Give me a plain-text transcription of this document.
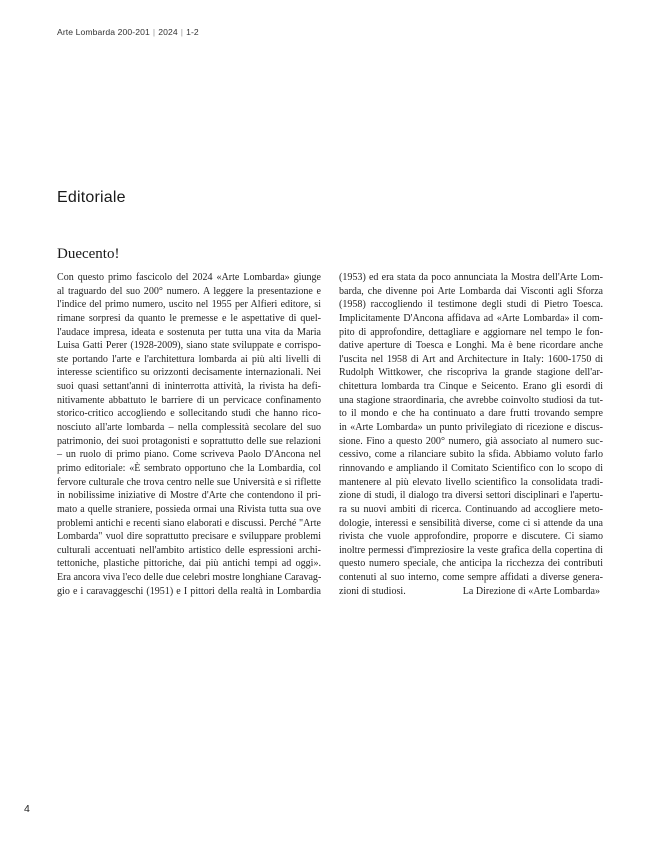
Arte Lombarda 200-201 | 2024 | 1-2
Editoriale
Duecento!
Con questo primo fascicolo del 2024 «Arte Lombarda» giunge
al traguardo del suo 200° numero. A leggere la presentazione e
l'indice del primo numero, uscito nel 1955 per Alfieri editore, si
rimane sorpresi da quanto le premesse e le aspettative di quel-
l'audace impresa, ideata e sostenuta per tutta una vita da Maria
Luisa Gatti Perer (1928-2009), siano state sviluppate e corrispo-
ste portando l'arte e l'architettura lombarda ai più alti livelli di
interesse scientifico su orizzonti decisamente internazionali. Nei
suoi quasi settant'anni di ininterrotta attività, la rivista ha defi-
nitivamente abbattuto le barriere di un pervicace confinamento
storico-critico accogliendo e sollecitando studi che hanno rico-
nosciuto all'arte lombarda – nella complessità secolare del suo
patrimonio, dei suoi protagonisti e soprattutto delle sue relazioni
– un ruolo di primo piano. Come scriveva Paolo D'Ancona nel
primo editoriale: «È sembrato opportuno che la Lombardia, col
fervore culturale che trova centro nelle sue Università e si riflette
in nobilissime iniziative di Mostre d'Arte che contendono il pri-
mato a quelle straniere, possieda ormai una Rivista tutta sua ove
problemi antichi e recenti siano elaborati e discussi. Perché "Arte
Lombarda" vuol dire soprattutto precisare e sviluppare problemi
culturali accentuati nell'ambito artistico delle espressioni archi-
tettoniche, plastiche pittoriche, dai più antichi tempi ad oggi».
Era ancora viva l'eco delle due celebri mostre longhiane Caravag-
gio e i caravaggeschi (1951) e I pittori della realtà in Lombardia
(1953) ed era stata da poco annunciata la Mostra dell'Arte Lom-
barda, che divenne poi Arte Lombarda dai Visconti agli Sforza
(1958) raccogliendo il testimone degli studi di Pietro Toesca.
Implicitamente D'Ancona affidava ad «Arte Lombarda» il com-
pito di approfondire, dettagliare e aggiornare nel tempo le fon-
dative aperture di Toesca e Longhi. Ma è bene ricordare anche
l'uscita nel 1958 di Art and Architecture in Italy: 1600-1750 di
Rudolph Wittkower, che riscopriva la grande stagione dell'ar-
chitettura lombarda tra Cinque e Seicento. Erano gli esordi di
una stagione straordinaria, che avrebbe coinvolto studiosi da tut-
to il mondo e che ha continuato a dare frutti trovando sempre
in «Arte Lombarda» un punto privilegiato di ricezione e discus-
sione. Fino a questo 200° numero, già associato al numero suc-
cessivo, come a rilanciare subito la sfida. Abbiamo voluto farlo
rinnovando e ampliando il Comitato Scientifico con lo scopo di
mantenere al più elevato livello scientifico la consolidata tradi-
zione di studi, il dialogo tra diversi settori disciplinari e l'apertu-
ra su nuovi ambiti di ricerca. Continuando ad accogliere meto-
dologie, interessi e sensibilità diverse, come ci si attende da una
rivista che vuole approfondire, proporre e discutere. Ci siamo
inoltre permessi d'impreziosire la veste grafica della copertina di
questo numero speciale, che anticipa la ricchezza dei contributi
contenuti al suo interno, come sempre affidati a diverse genera-
zioni di studiosi.	La Direzione di «Arte Lombarda»
4
